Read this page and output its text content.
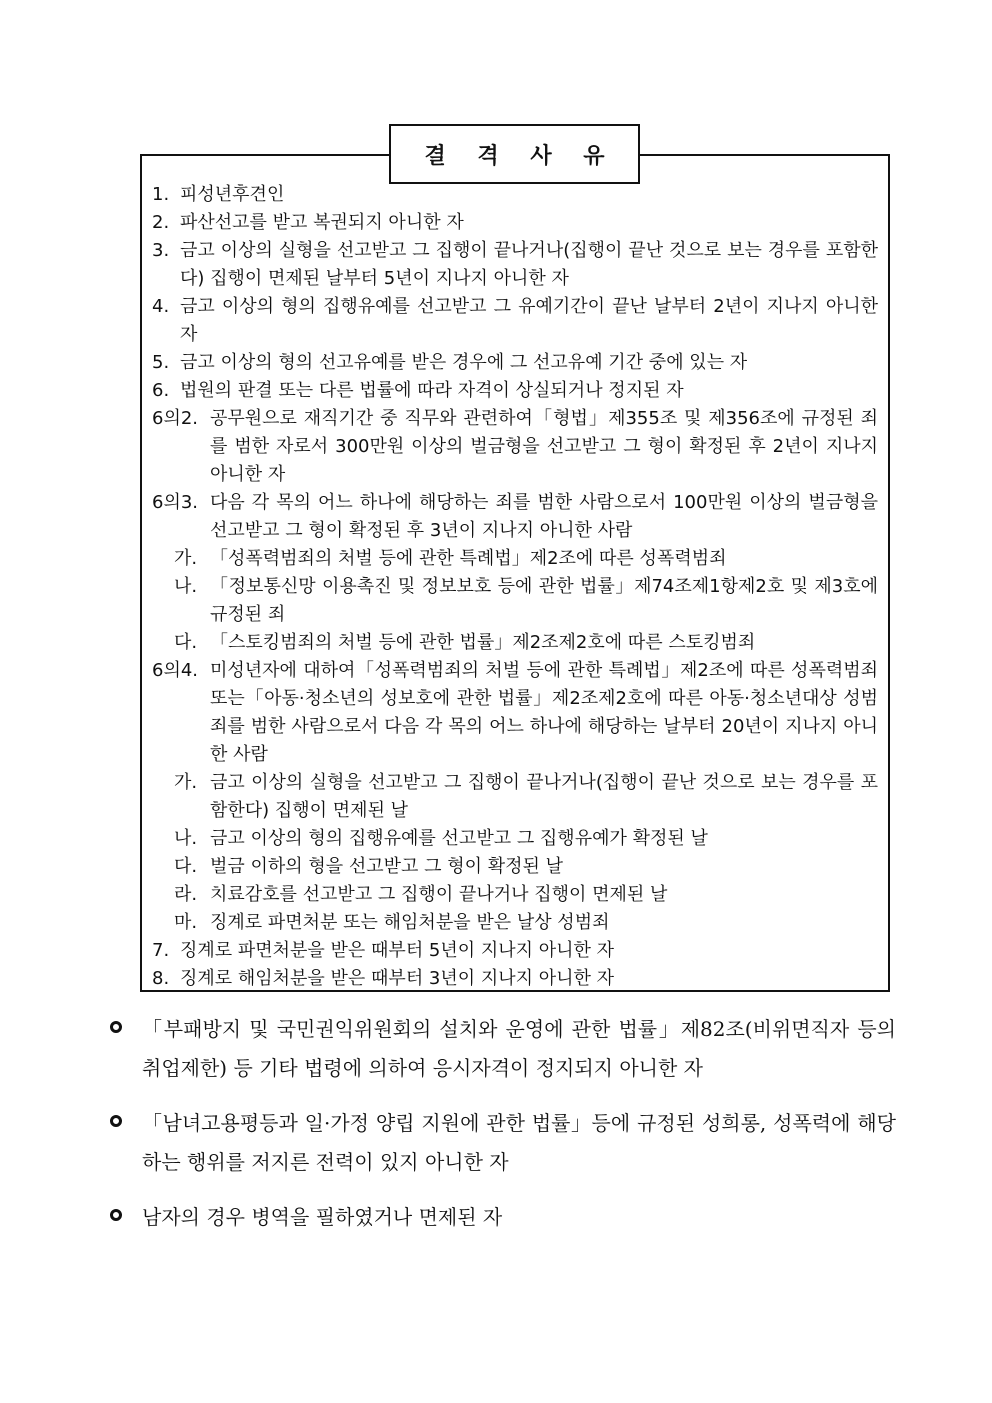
결 격 사 유
1. 피성년후견인
2. 파산선고를 받고 복권되지 아니한 자
3. 금고 이상의 실형을 선고받고 그 집행이 끝나거나(집행이 끝난 것으로 보는 경우를 포함한다) 집행이 면제된 날부터 5년이 지나지 아니한 자
4. 금고 이상의 형의 집행유예를 선고받고 그 유예기간이 끝난 날부터 2년이 지나지 아니한 자
5. 금고 이상의 형의 선고유예를 받은 경우에 그 선고유예 기간 중에 있는 자
6. 법원의 판결 또는 다른 법률에 따라 자격이 상실되거나 정지된 자
6의2. 공무원으로 재직기간 중 직무와 관련하여「형법」제355조 및 제356조에 규정된 죄를 범한 자로서 300만원 이상의 벌금형을 선고받고 그 형이 확정된 후 2년이 지나지 아니한 자
6의3. 다음 각 목의 어느 하나에 해당하는 죄를 범한 사람으로서 100만원 이상의 벌금형을 선고받고 그 형이 확정된 후 3년이 지나지 아니한 사람
가. 「성폭력범죄의 처벌 등에 관한 특례법」제2조에 따른 성폭력범죄
나. 「정보통신망 이용촉진 및 정보보호 등에 관한 법률」제74조제1항제2호 및 제3호에 규정된 죄
다. 「스토킹범죄의 처벌 등에 관한 법률」제2조제2호에 따른 스토킹범죄
6의4. 미성년자에 대하여「성폭력범죄의 처벌 등에 관한 특례법」제2조에 따른 성폭력범죄 또는「아동·청소년의 성보호에 관한 법률」제2조제2호에 따른 아동·청소년대상 성범죄를 범한 사람으로서 다음 각 목의 어느 하나에 해당하는 날부터 20년이 지나지 아니한 사람
가. 금고 이상의 실형을 선고받고 그 집행이 끝나거나(집행이 끝난 것으로 보는 경우를 포함한다) 집행이 면제된 날
나. 금고 이상의 형의 집행유예를 선고받고 그 집행유예가 확정된 날
다. 벌금 이하의 형을 선고받고 그 형이 확정된 날
라. 치료감호를 선고받고 그 집행이 끝나거나 집행이 면제된 날
마. 징계로 파면처분 또는 해임처분을 받은 날상 성범죄
7. 징계로 파면처분을 받은 때부터 5년이 지나지 아니한 자
8. 징계로 해임처분을 받은 때부터 3년이 지나지 아니한 자
「부패방지 및 국민권익위원회의 설치와 운영에 관한 법률」제82조(비위면직자 등의 취업제한) 등 기타 법령에 의하여 응시자격이 정지되지 아니한 자
「남녀고용평등과 일·가정 양립 지원에 관한 법률」등에 규정된 성희롱, 성폭력에 해당하는 행위를 저지른 전력이 있지 아니한 자
남자의 경우 병역을 필하였거나 면제된 자
